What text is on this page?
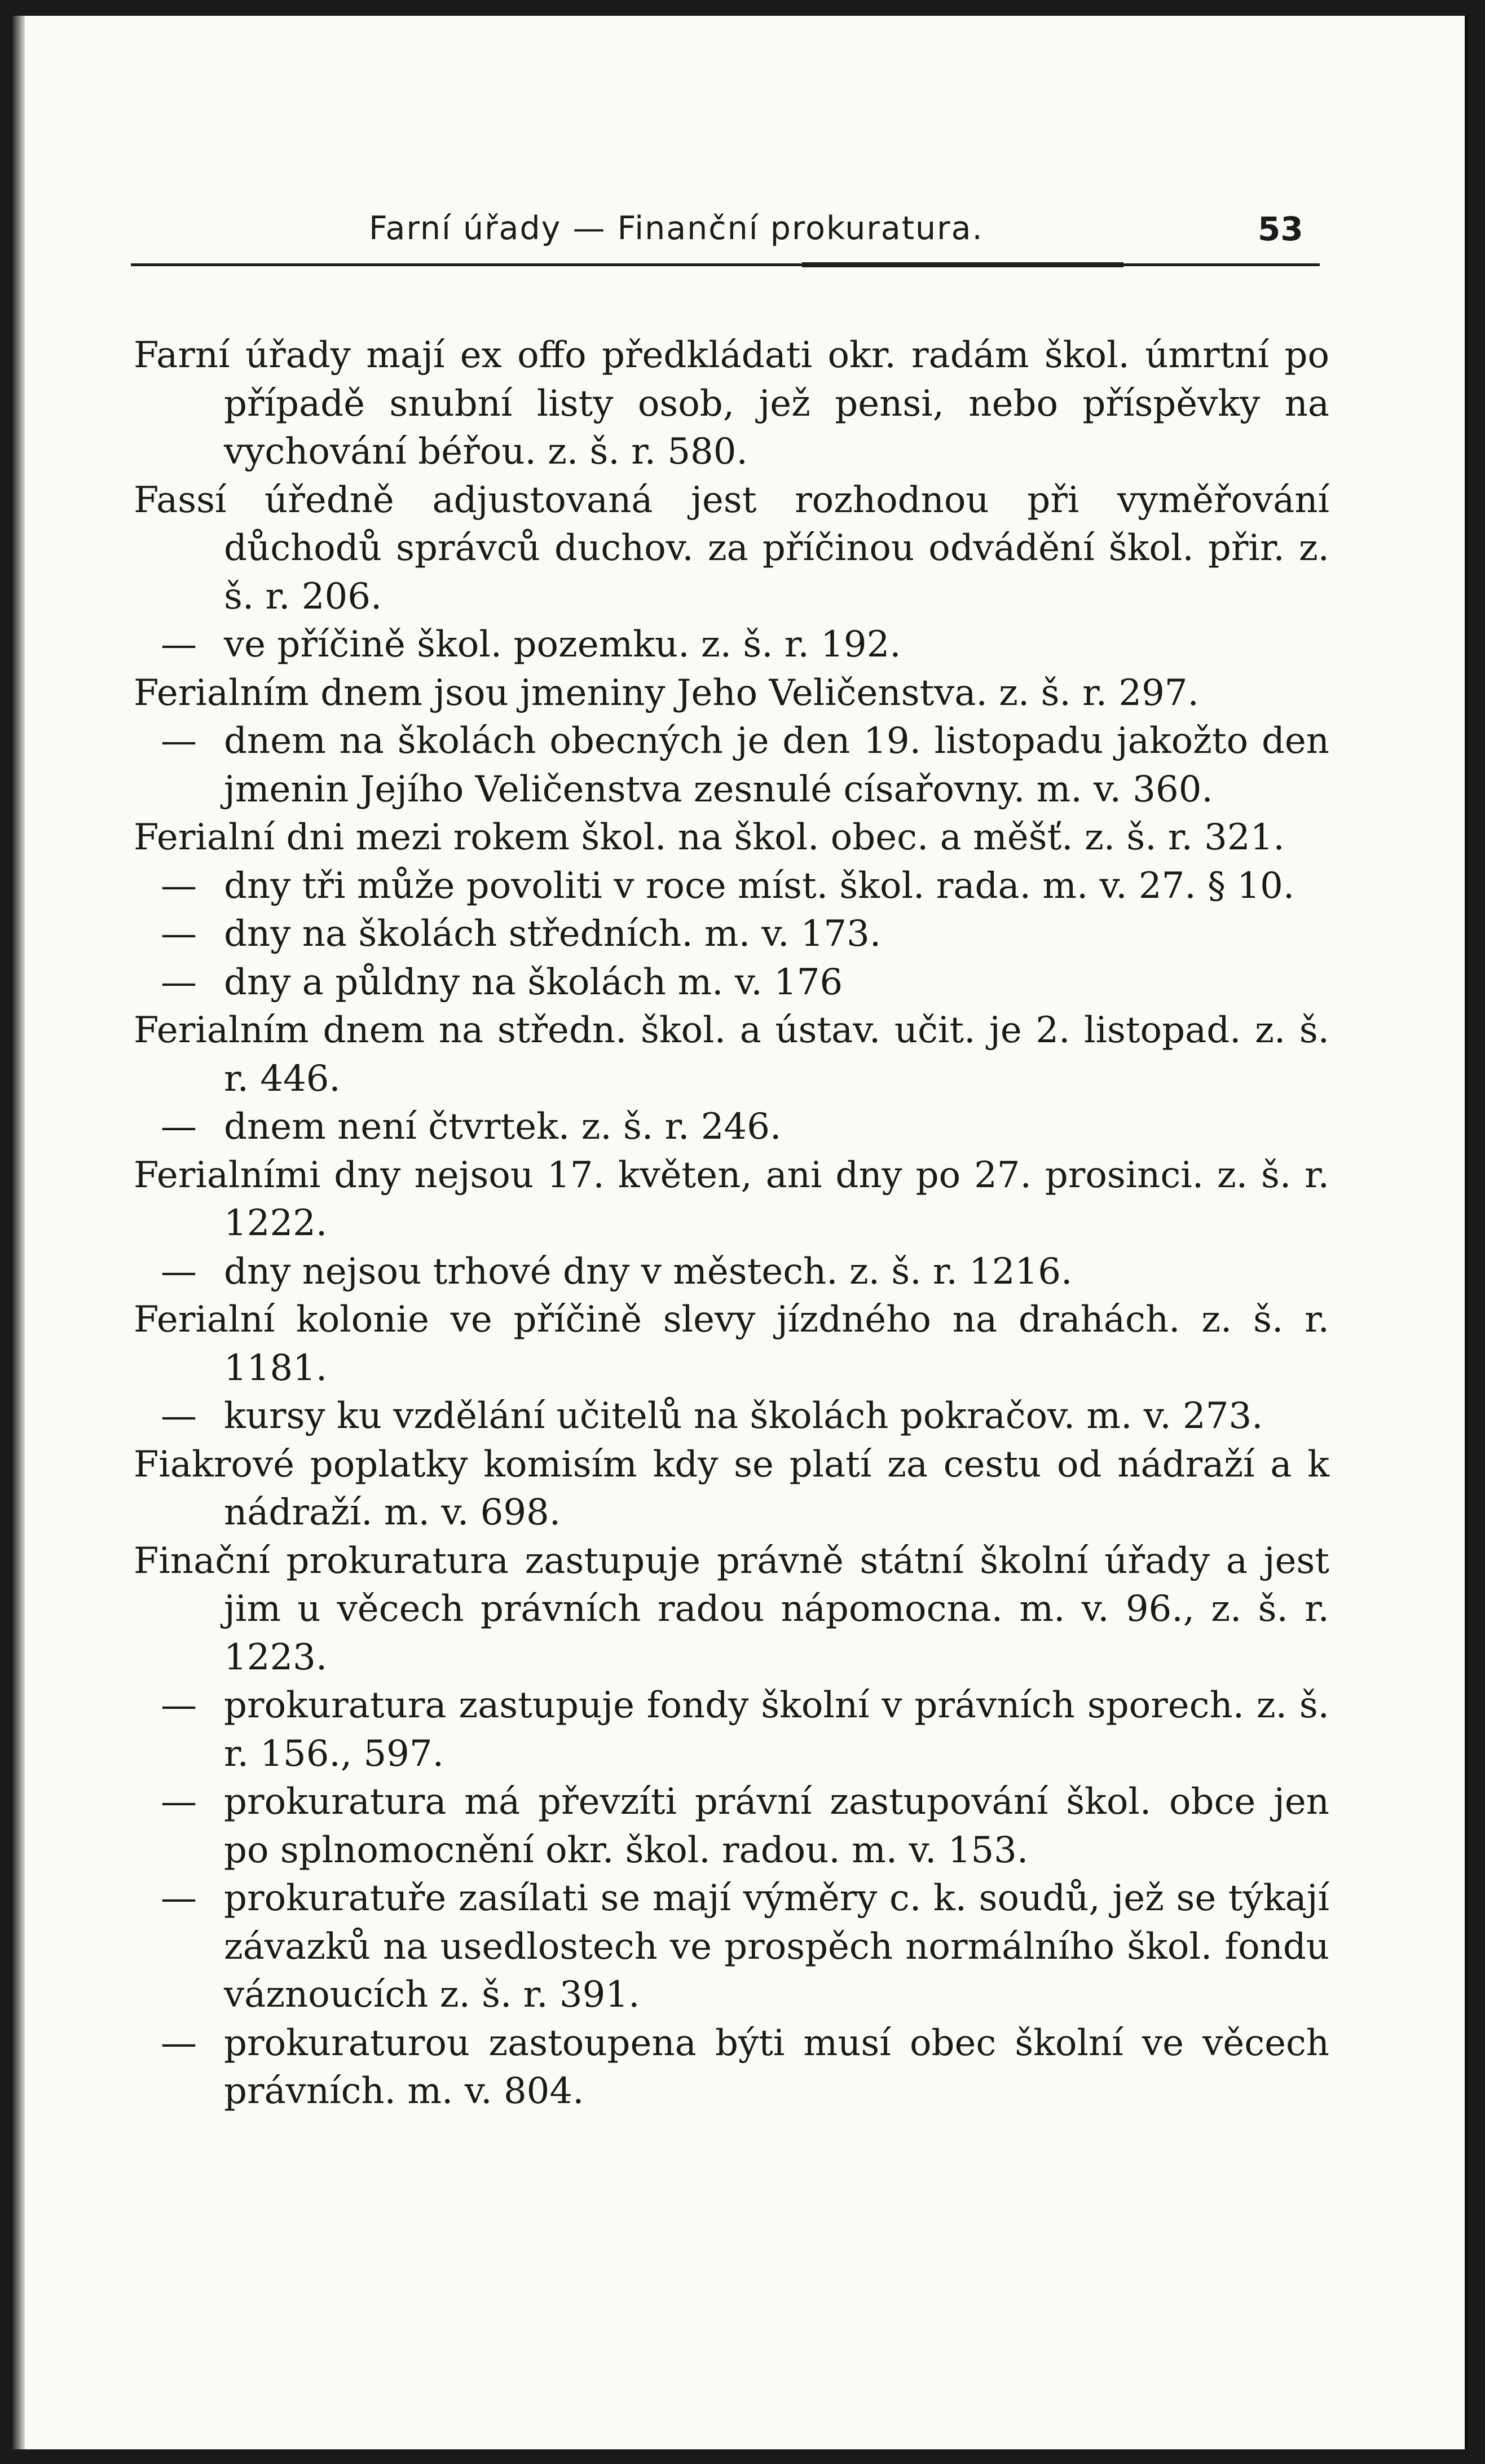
Farní úřady — Finanční prokuratura.	53

Farní úřady mají ex offo předkládati okr. radám škol. úmrtní po případě snubní listy osob, jež pensi, nebo příspěvky na vychování béřou. z. š. r. 580.

Fassí úředně adjustovaná jest rozhodnou při vyměřování důchodů správců duchov. za příčinou odvádění škol. přir. z. š. r. 206.

— ve příčině škol. pozemku. z. š. r. 192.

Ferialním dnem jsou jmeniny Jeho Veličenstva. z. š. r. 297.

— dnem na školách obecných je den 19. listopadu jakožto den jmenin Jejího Veličenstva zesnulé císařovny. m. v. 360.

Ferialní dni mezi rokem škol. na škol. obec. a měšť. z. š. r. 321.

— dny tři může povoliti v roce míst. škol. rada. m. v. 27. § 10.

— dny na školách středních. m. v. 173.

— dny a půldny na školách m. v. 176

Ferialním dnem na středn. škol. a ústav. učit. je 2. listopad. z. š. r. 446.

— dnem není čtvrtek. z. š. r. 246.

Ferialními dny nejsou 17. květen, ani dny po 27. prosinci. z. š. r. 1222.

— dny nejsou trhové dny v městech. z. š. r. 1216.

Ferialní kolonie ve příčině slevy jízdného na drahách. z. š. r. 1181.

— kursy ku vzdělání učitelů na školách pokračov. m. v. 273.

Fiakrové poplatky komisím kdy se platí za cestu od nádraží a k nádraží. m. v. 698.

Finační prokuratura zastupuje právně státní školní úřady a jest jim u věcech právních radou nápomocna. m. v. 96., z. š. r. 1223.

— prokuratura zastupuje fondy školní v právních sporech. z. š. r. 156., 597.

— prokuratura má převzíti právní zastupování škol. obce jen po splnomocnění okr. škol. radou. m. v. 153.

— prokuratuře zasílati se mají výměry c. k. soudů, jež se týkají závazků na usedlostech ve prospěch normálního škol. fondu váznoucích z. š. r. 391.

— prokuraturou zastoupena býti musí obec školní ve věcech právních. m. v. 804.
